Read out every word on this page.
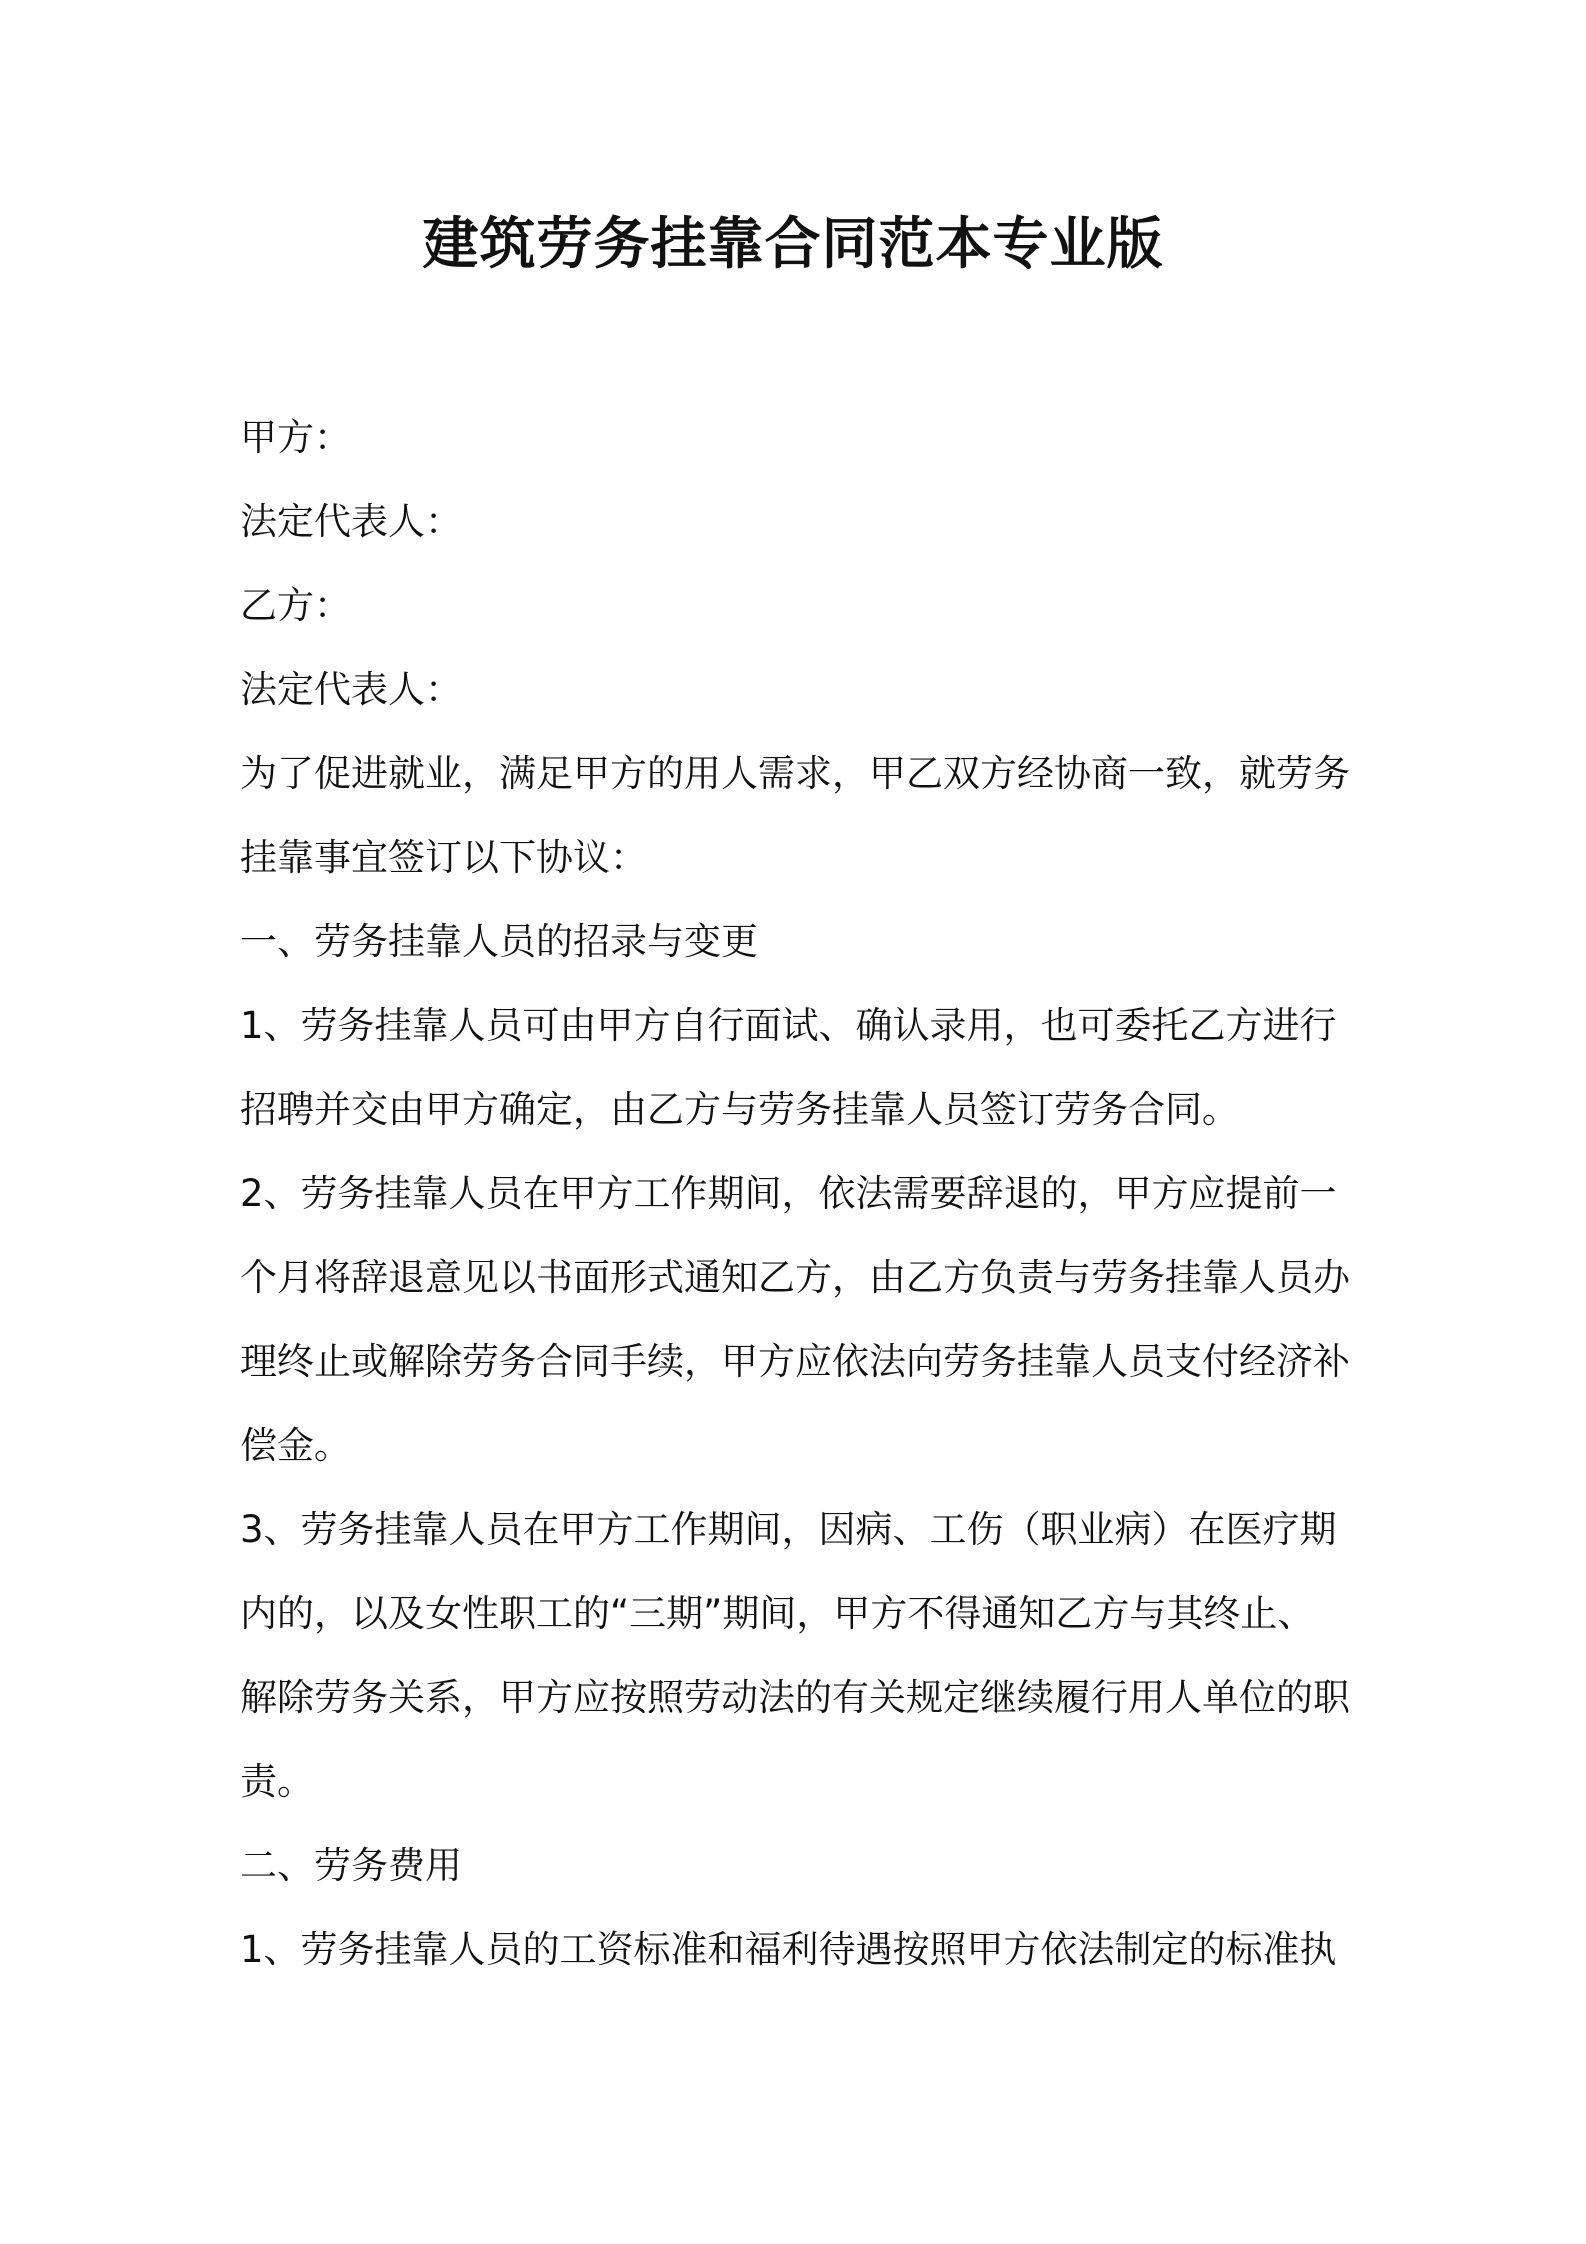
建筑劳务挂靠合同范本专业版
甲方：
法定代表人：
乙方：
法定代表人：
为了促进就业，满足甲方的用人需求，甲乙双方经协商一致，就劳务
挂靠事宜签订以下协议：
一、劳务挂靠人员的招录与变更
1、劳务挂靠人员可由甲方自行面试、确认录用，也可委托乙方进行
招聘并交由甲方确定，由乙方与劳务挂靠人员签订劳务合同。
2、劳务挂靠人员在甲方工作期间，依法需要辞退的，甲方应提前一
个月将辞退意见以书面形式通知乙方，由乙方负责与劳务挂靠人员办
理终止或解除劳务合同手续，甲方应依法向劳务挂靠人员支付经济补
偿金。
3、劳务挂靠人员在甲方工作期间，因病、工伤（职业病）在医疗期
内的，以及女性职工的“三期”期间，甲方不得通知乙方与其终止、
解除劳务关系，甲方应按照劳动法的有关规定继续履行用人单位的职
责。
二、劳务费用
1、劳务挂靠人员的工资标准和福利待遇按照甲方依法制定的标准执
